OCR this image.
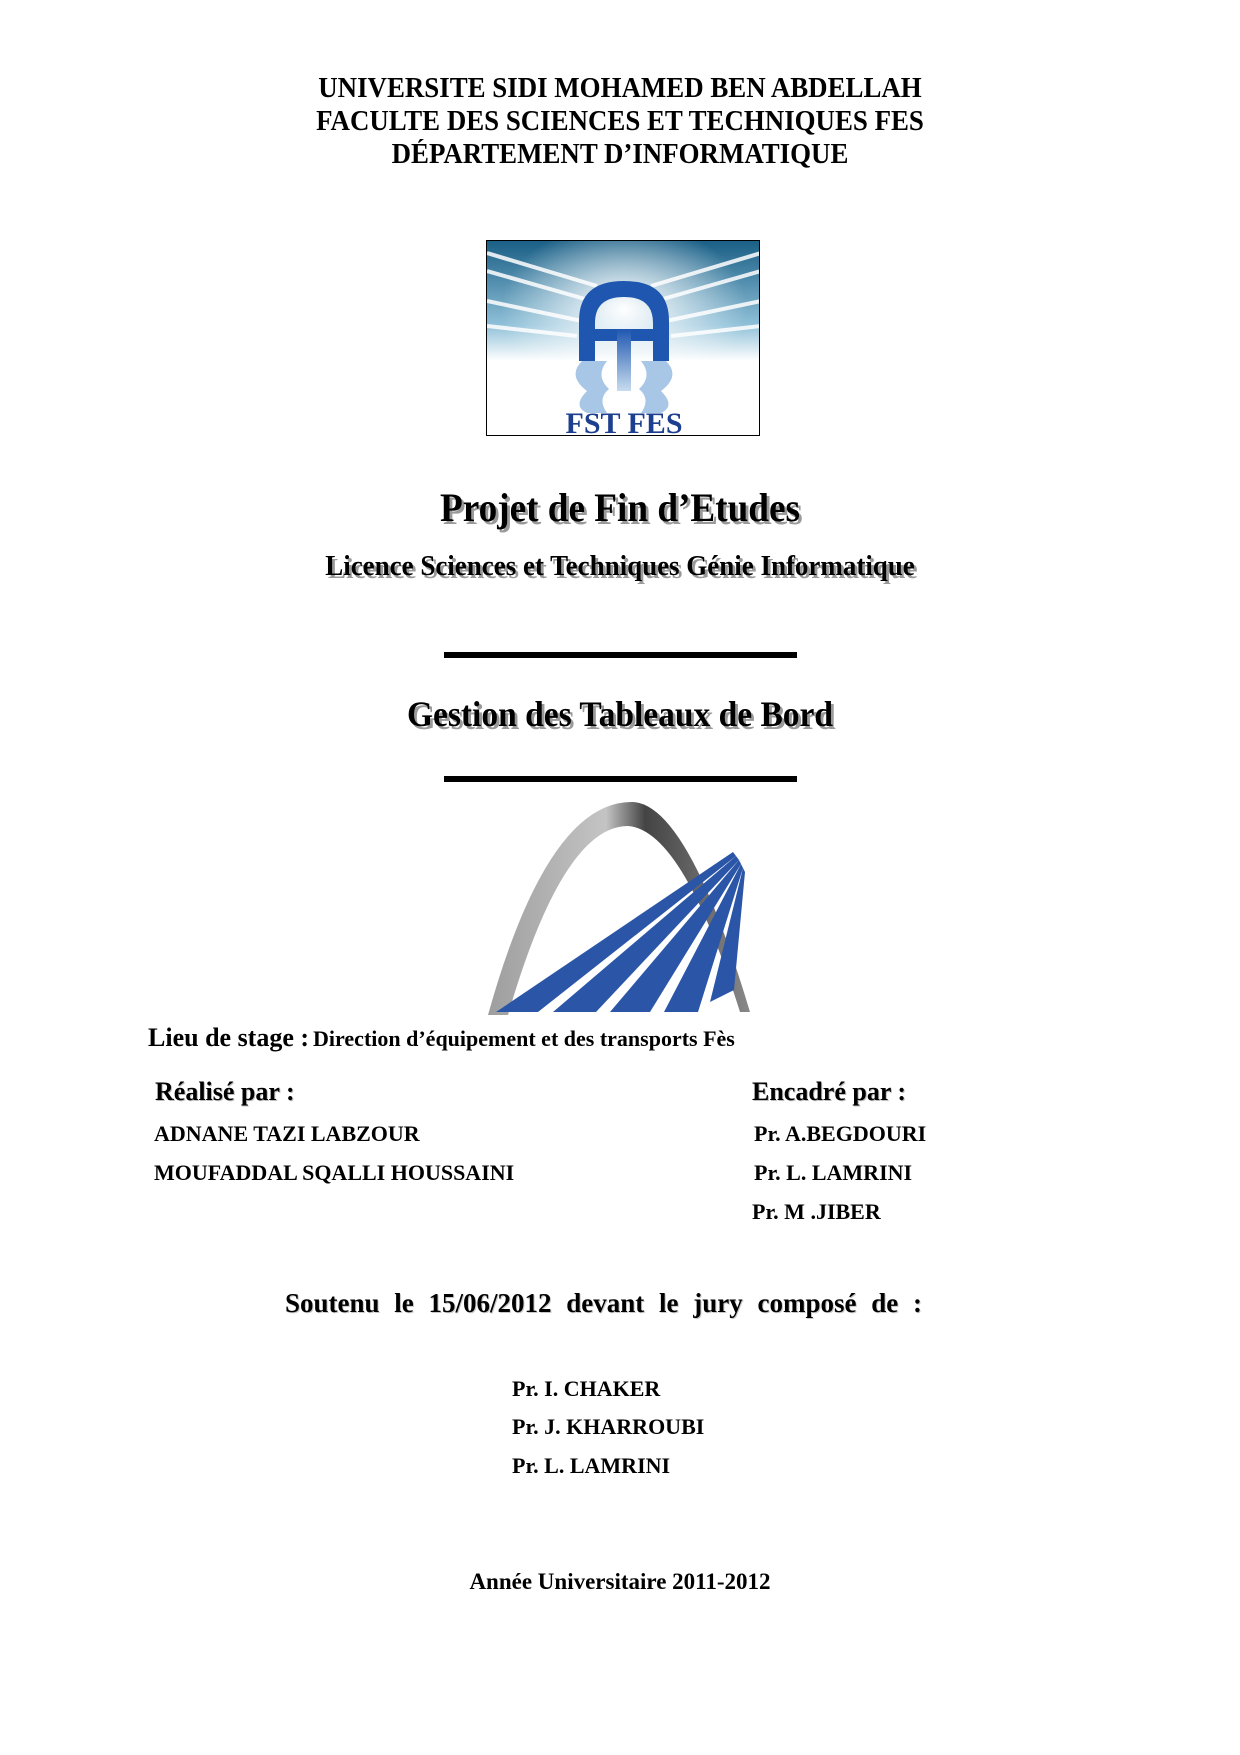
UNIVERSITE SIDI MOHAMED BEN ABDELLAH
FACULTE DES SCIENCES ET TECHNIQUES FES
DÉPARTEMENT D’INFORMATIQUE
FST FES
Projet de Fin d’Etudes
Licence Sciences et Techniques Génie Informatique
Gestion des Tableaux de Bord
Lieu de stage : Direction d’équipement et des transports Fès
Réalisé par :
ADNANE TAZI LABZOUR
MOUFADDAL SQALLI HOUSSAINI
Encadré par :
Pr. A.BEGDOURI
Pr. L. LAMRINI
Pr. M .JIBER
Soutenu le 15/06/2012 devant le jury composé de :
Pr. I. CHAKER
Pr. J. KHARROUBI
Pr. L. LAMRINI
Année Universitaire 2011-2012
